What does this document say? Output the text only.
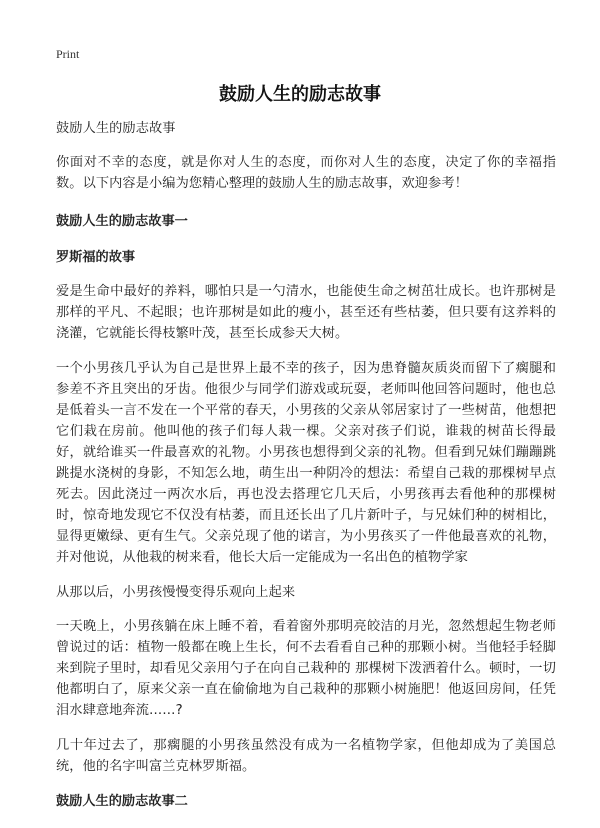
Print
鼓励人生的励志故事

鼓励人生的励志故事

你面对不幸的态度，就是你对人生的态度，而你对人生的态度，决定了你的幸福指数。以下内容是小编为您精心整理的鼓励人生的励志故事，欢迎参考！

鼓励人生的励志故事一
罗斯福的故事

爱是生命中最好的养料，哪怕只是一勺清水，也能使生命之树茁壮成长。也许那树是那样的平凡、不起眼；也许那树是如此的瘦小，甚至还有些枯萎，但只要有这养料的浇灌，它就能长得枝繁叶茂，甚至长成参天大树。

一个小男孩几乎认为自己是世界上最不幸的孩子，因为患脊髓灰质炎而留下了瘸腿和参差不齐且突出的牙齿。他很少与同学们游戏或玩耍，老师叫他回答问题时，他也总是低着头一言不发在一个平常的春天，小男孩的父亲从邻居家讨了一些树苗，他想把它们栽在房前。他叫他的孩子们每人栽一棵。父亲对孩子们说，谁栽的树苗长得最好，就给谁买一件最喜欢的礼物。小男孩也想得到父亲的礼物。但看到兄妹们蹦蹦跳跳提水浇树的身影，不知怎么地，萌生出一种阴冷的想法：希望自己栽的那棵树早点死去。因此浇过一两次水后，再也没去搭理它几天后，小男孩再去看他种的那棵树时，惊奇地发现它不仅没有枯萎，而且还长出了几片新叶子，与兄妹们种的树相比，显得更嫩绿、更有生气。父亲兑现了他的诺言，为小男孩买了一件他最喜欢的礼物，并对他说，从他栽的树来看，他长大后一定能成为一名出色的植物学家

从那以后，小男孩慢慢变得乐观向上起来

一天晚上，小男孩躺在床上睡不着，看着窗外那明亮皎洁的月光，忽然想起生物老师曾说过的话：植物一般都在晚上生长，何不去看看自己种的那颗小树。当他轻手轻脚来到院子里时，却看见父亲用勺子在向自己栽种的 那棵树下泼洒着什么。顿时，一切他都明白了，原来父亲一直在偷偷地为自己栽种的那颗小树施肥！他返回房间，任凭泪水肆意地奔流……?

几十年过去了，那瘸腿的小男孩虽然没有成为一名植物学家，但他却成为了美国总统，他的名字叫富兰克林罗斯福。

鼓励人生的励志故事二
